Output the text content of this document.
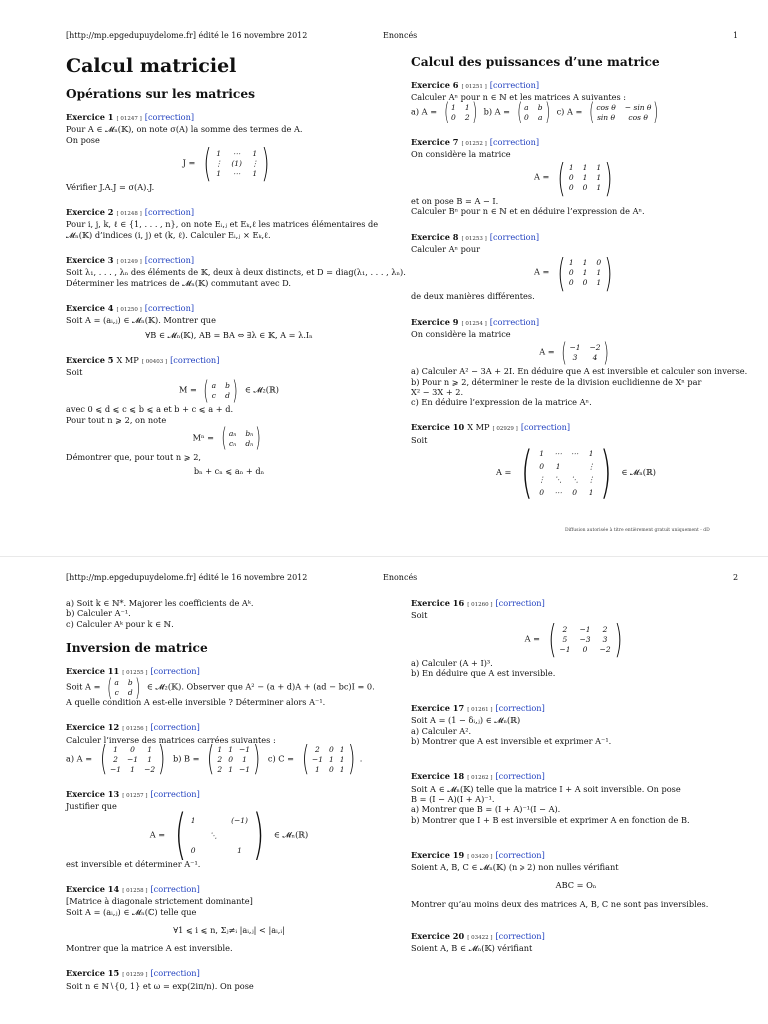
[http://mp.epgedupuydelome.fr] édité le 16 novembre 2012	Enoncés	1
Calcul matriciel
Opérations sur les matrices
Exercice 1 [ 01247 ] [correction]
Pour A ∈ 𝓜ₙ(𝕂), on note σ(A) la somme des termes de A.
On pose
J = ( 1 ⋯ 1
⋮ (1) ⋮
1 ⋯ 1 )
Vérifier J.A.J = σ(A).J.
Exercice 2 [ 01248 ] [correction]
Pour i, j, k, ℓ ∈ {1, . . . , n}, on note Eᵢ,ⱼ et Eₖ,ℓ les matrices élémentaires de
𝓜ₙ(𝕂) d’indices (i, j) et (k, ℓ). Calculer Eᵢ,ⱼ × Eₖ,ℓ.
Exercice 3 [ 01249 ] [correction]
Soit λ₁, . . . , λₙ des éléments de 𝕂, deux à deux distincts, et D = diag(λ₁, . . . , λₙ).
Déterminer les matrices de 𝓜ₙ(𝕂) commutant avec D.
Exercice 4 [ 01250 ] [correction]
Soit A = (aᵢ,ⱼ) ∈ 𝓜ₙ(𝕂). Montrer que
∀B ∈ 𝓜ₙ(𝕂), AB = BA ⇔ ∃λ ∈ 𝕂, A = λ.Iₙ
Exercice 5 X MP [ 00403 ] [correction]
Soit
M = ( a b
c d ) ∈ 𝓜₂(ℝ)
avec 0 ⩽ d ⩽ c ⩽ b ⩽ a et b + c ⩽ a + d.
Pour tout n ⩾ 2, on note
Mⁿ = ( aₙ bₙ
cₙ dₙ )
Démontrer que, pour tout n ⩾ 2,
bₙ + cₙ ⩽ aₙ + dₙ
Calcul des puissances d’une matrice
Exercice 6 [ 01251 ] [correction]
Calculer Aⁿ pour n ∈ ℕ et les matrices A suivantes :
a) A = ( 1 1
0 2 ) b) A = ( a b
0 a ) c) A = ( cos θ − sin θ
sin θ	cos θ )
Exercice 7 [ 01252 ] [correction]
On considère la matrice
A = ( 1 1 1
0 1 1
0 0 1 )
et on pose B = A − I.
Calculer Bⁿ pour n ∈ ℕ et en déduire l’expression de Aⁿ.
Exercice 8 [ 01253 ] [correction]
Calculer Aⁿ pour
A = ( 1 1 0
0 1 1
0 0 1 )
de deux manières différentes.
Exercice 9 [ 01254 ] [correction]
On considère la matrice
A = ( −1 −2
3	4 )
a) Calculer A² − 3A + 2I. En déduire que A est inversible et calculer son inverse.
b) Pour n ⩾ 2, déterminer le reste de la division euclidienne de Xⁿ par
X² − 3X + 2.
c) En déduire l’expression de la matrice Aⁿ.
Exercice 10 X MP [ 02929 ] [correction]
Soit
A = ( 1 ⋯ ⋯ 1
0 1	⋮
⋮ ⋱ ⋱ ⋮
0 ⋯ 0 1 ) ∈ 𝓜ₙ(ℝ)
Diffusion autorisée à titre entièrement gratuit uniquement - dD
[http://mp.epgedupuydelome.fr] édité le 16 novembre 2012	Enoncés	2
a) Soit k ∈ ℕ*. Majorer les coefficients de Aᵏ.
b) Calculer A⁻¹.
c) Calculer Aᵏ pour k ∈ ℕ.
Inversion de matrice
Exercice 11 [ 01255 ] [correction]
Soit A = ( a b
c d ) ∈ 𝓜₂(𝕂). Observer que A² − (a + d)A + (ad − bc)I = 0.
A quelle condition A est-elle inversible ? Déterminer alors A⁻¹.
Exercice 12 [ 01256 ] [correction]
Calculer l’inverse des matrices carrées suivantes :
a) A = ( 1	0	1
2	−1	1
−1	1	−2 ) b) B = ( 1 1 −1
2 0	1
2 1 −1 ) c) C = ( 2	0 1
−1 1 1
1	0 1 ) .
Exercice 13 [ 01257 ] [correction]
Justifier que
A = ( 1	(−1)
⋱
0	1 ) ∈ 𝓜ₙ(ℝ)
est inversible et déterminer A⁻¹.
Exercice 14 [ 01258 ] [correction]
[Matrice à diagonale strictement dominante]
Soit A = (aᵢ,ⱼ) ∈ 𝓜ₙ(ℂ) telle que
∀1 ⩽ i ⩽ n, Σⱼ≠ᵢ |aᵢ,ⱼ| < |aᵢ,ᵢ|
Montrer que la matrice A est inversible.
Exercice 15 [ 01259 ] [correction]
Soit n ∈ ℕ∖{0, 1} et ω = exp(2iπ/n). On pose
Exercice 16 [ 01260 ] [correction]
Soit
A = ( 2	−1	2
5	−3	3
−1	0	−2 )
a) Calculer (A + I)³.
b) En déduire que A est inversible.
Exercice 17 [ 01261 ] [correction]
Soit A = (1 − δᵢ,ⱼ) ∈ 𝓜ₙ(ℝ)
a) Calculer A².
b) Montrer que A est inversible et exprimer A⁻¹.
Exercice 18 [ 01262 ] [correction]
Soit A ∈ 𝓜ₙ(𝕂) telle que la matrice I + A soit inversible. On pose
B = (I − A)(I + A)⁻¹.
a) Montrer que B = (I + A)⁻¹(I − A).
b) Montrer que I + B est inversible et exprimer A en fonction de B.
Exercice 19 [ 03420 ] [correction]
Soient A, B, C ∈ 𝓜ₙ(𝕂) (n ⩾ 2) non nulles vérifiant
ABC = Oₙ
Montrer qu’au moins deux des matrices A, B, C ne sont pas inversibles.
Exercice 20 [ 03422 ] [correction]
Soient A, B ∈ 𝓜ₙ(𝕂) vérifiant
